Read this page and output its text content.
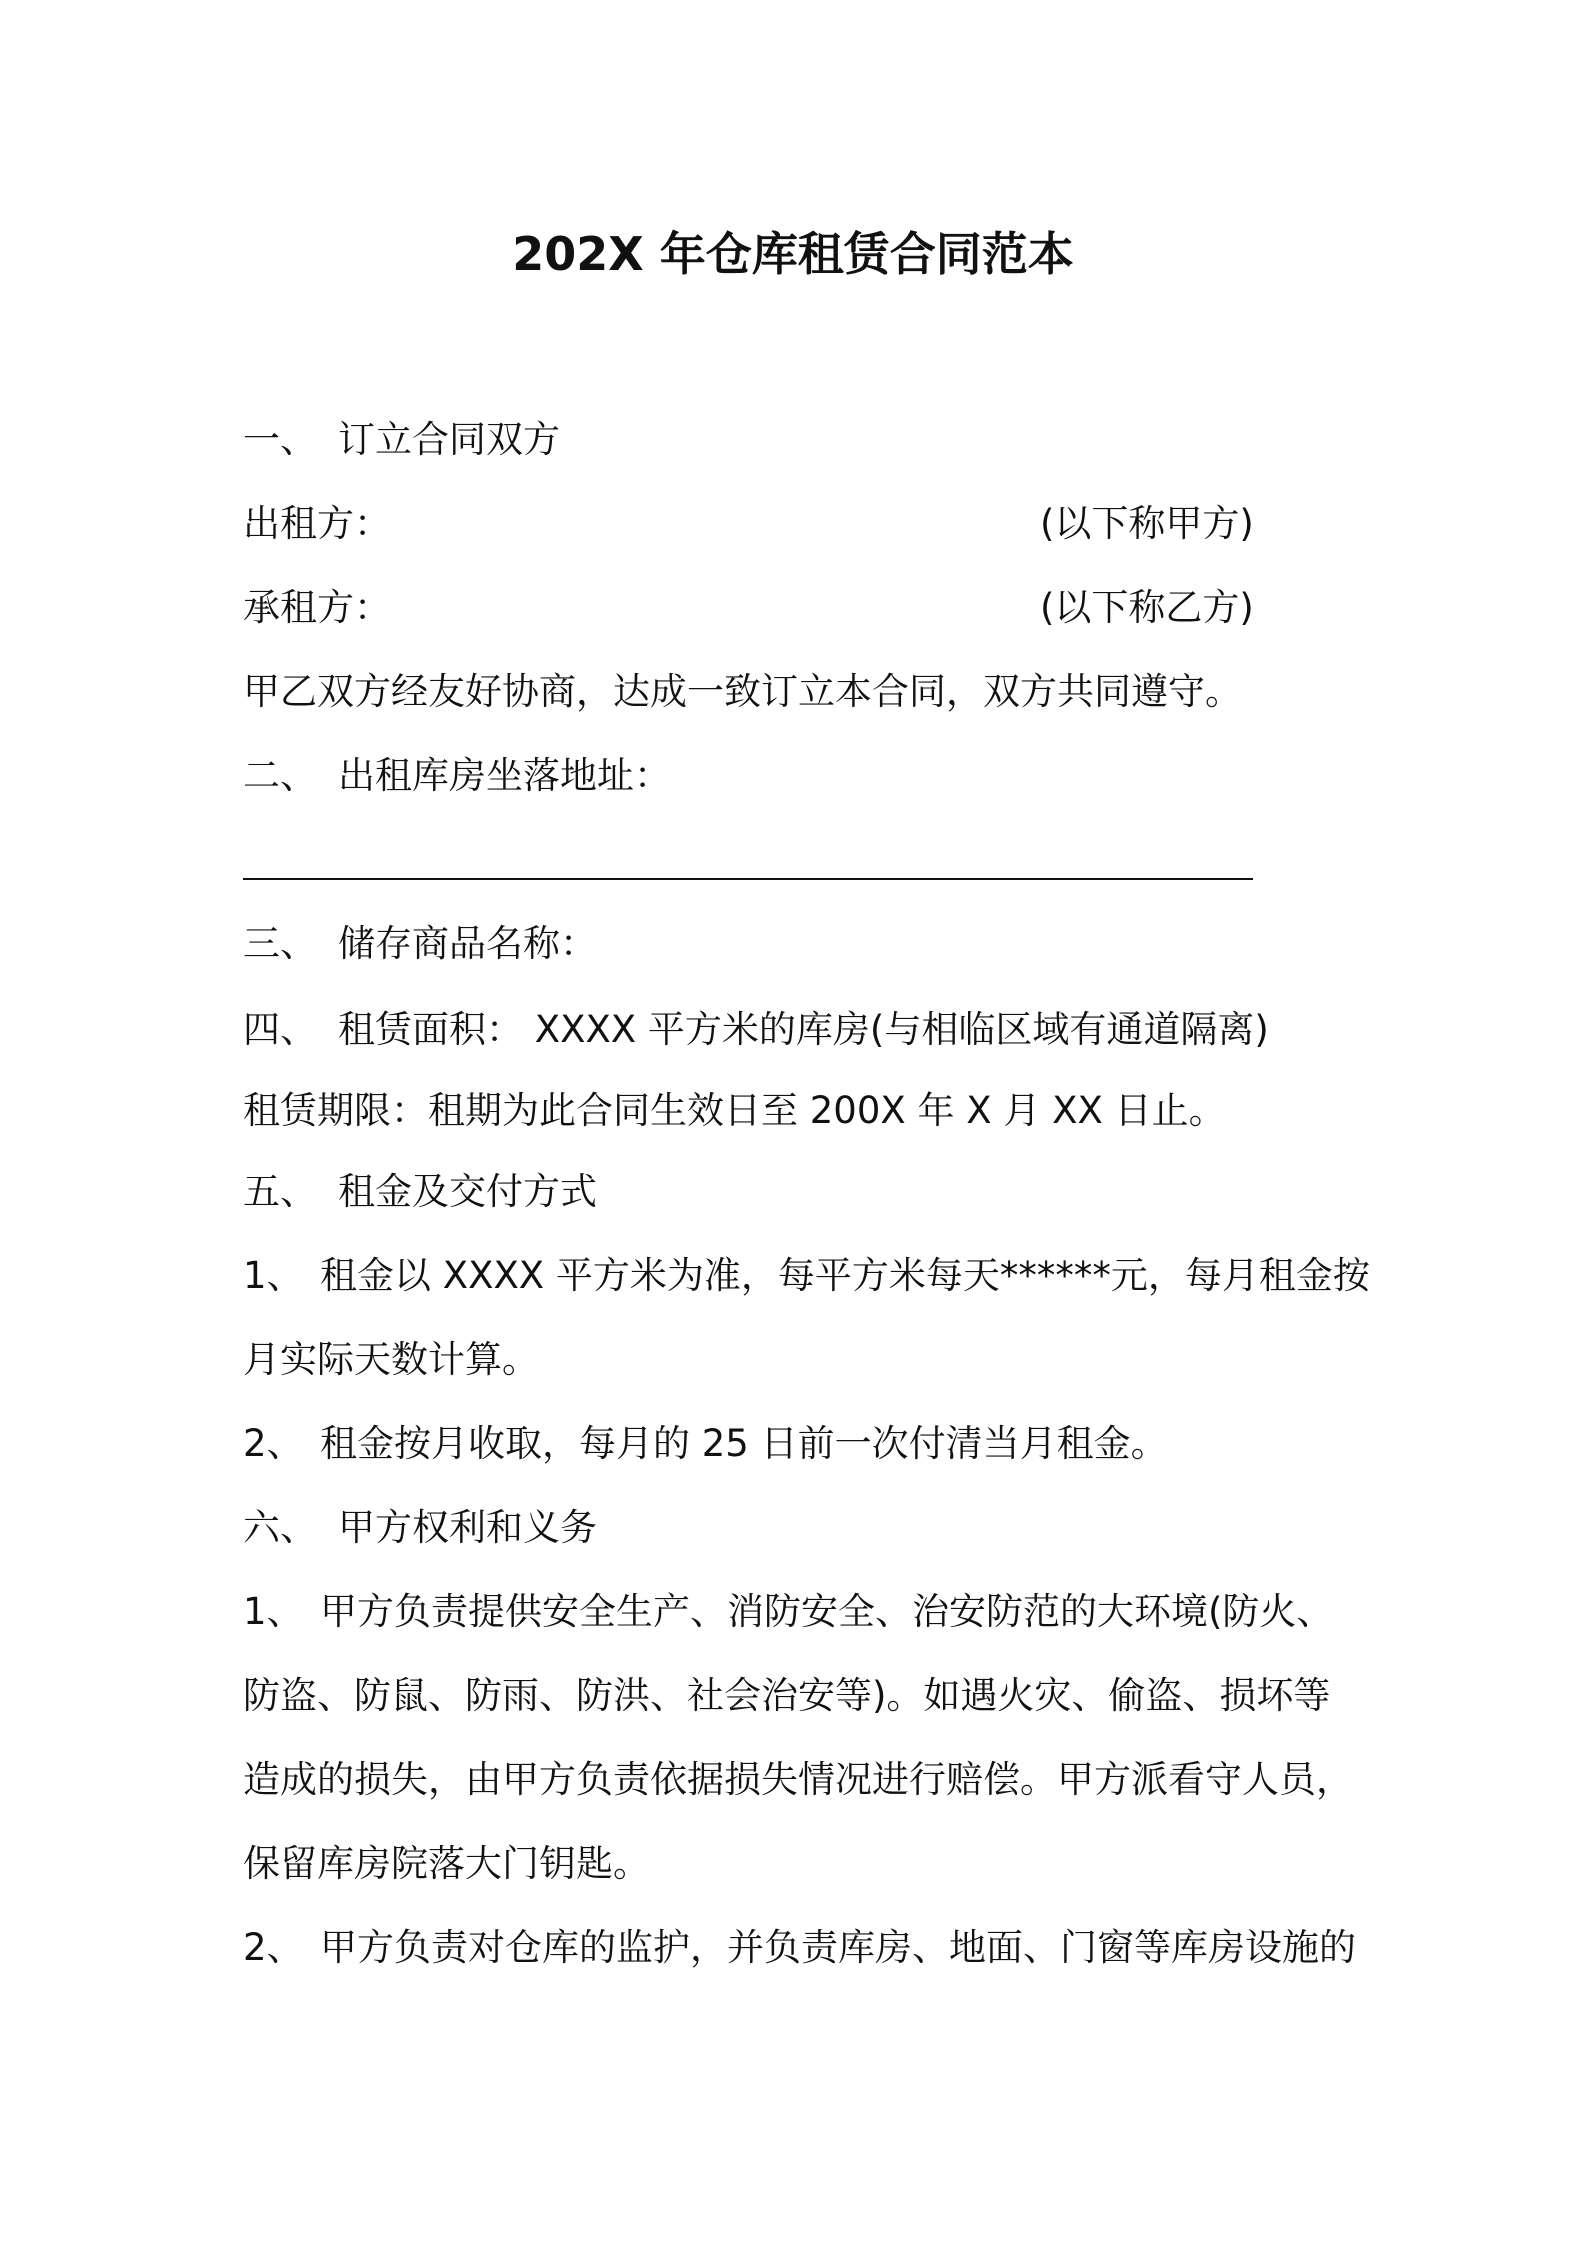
202X 年仓库租赁合同范本
一、 订立合同双方
出租方：	(以下称甲方)
承租方：	(以下称乙方)
甲乙双方经友好协商，达成一致订立本合同，双方共同遵守。
二、 出租库房坐落地址：
三、 储存商品名称：
四、 租赁面积： XXXX 平方米的库房(与相临区域有通道隔离)
租赁期限：租期为此合同生效日至 200X 年 X 月 XX 日止。
五、 租金及交付方式
1、 租金以 XXXX 平方米为准，每平方米每天******元，每月租金按
月实际天数计算。
2、 租金按月收取，每月的 25 日前一次付清当月租金。
六、 甲方权利和义务
1、 甲方负责提供安全生产、消防安全、治安防范的大环境(防火、
防盗、防鼠、防雨、防洪、社会治安等)。如遇火灾、偷盗、损坏等
造成的损失，由甲方负责依据损失情况进行赔偿。甲方派看守人员，
保留库房院落大门钥匙。
2、 甲方负责对仓库的监护，并负责库房、地面、门窗等库房设施的
